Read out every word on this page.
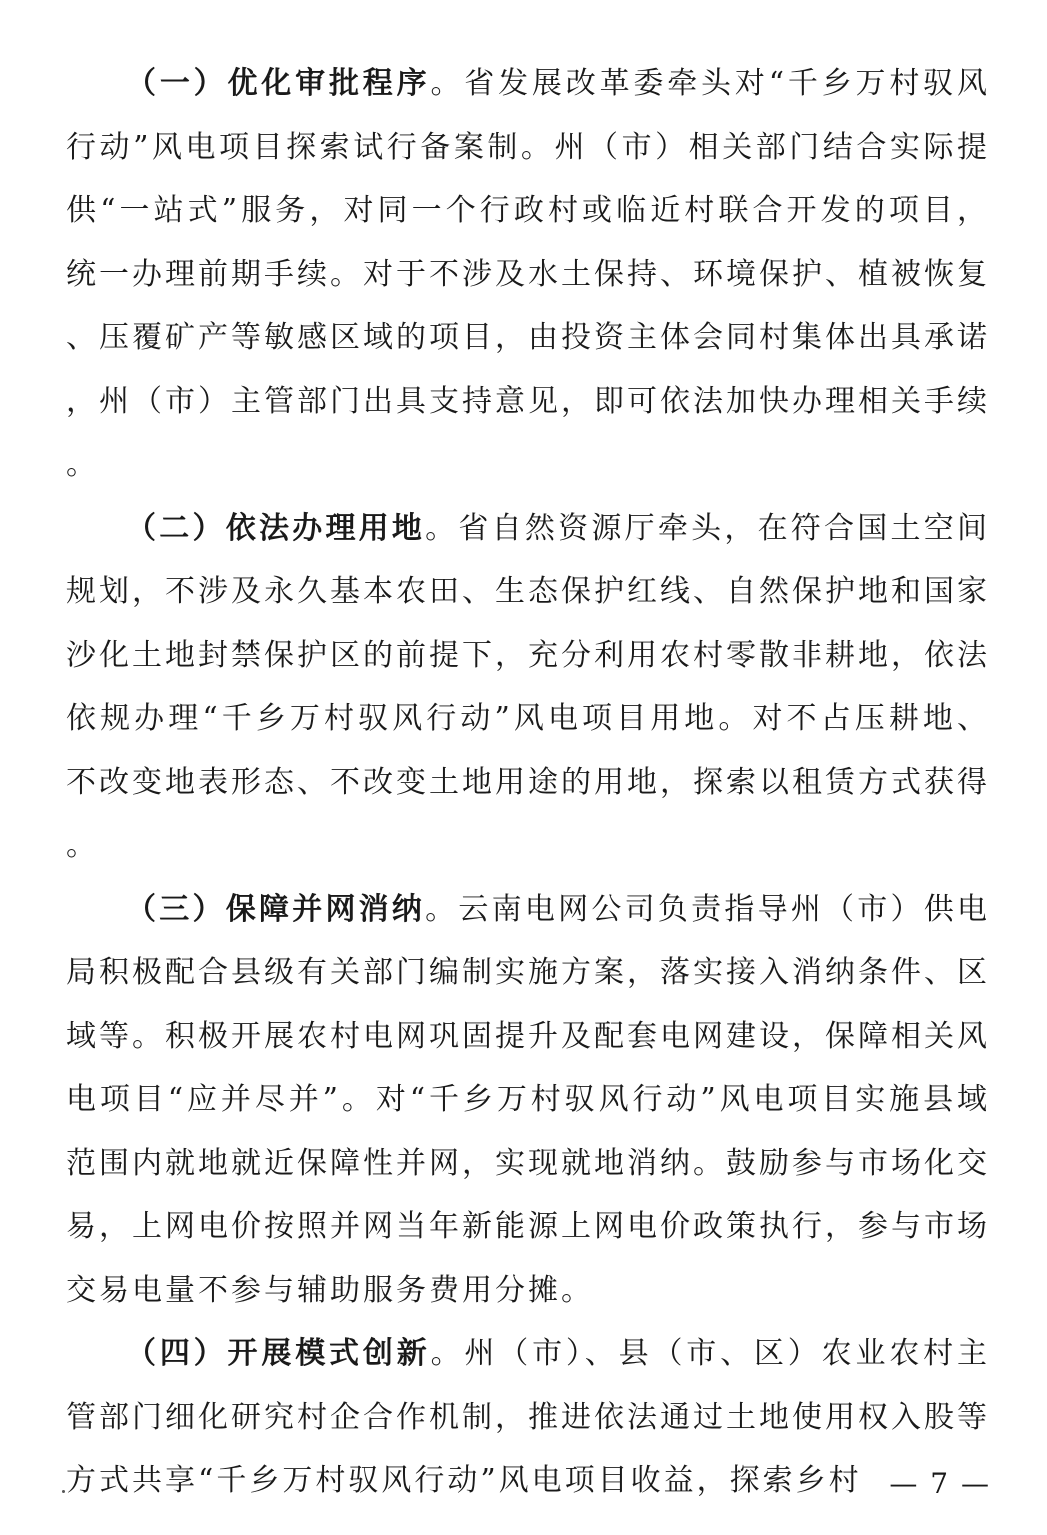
（一）优化审批程序。省发展改革委牵头对“千乡万村驭风行动”风电项目探索试行备案制。州（市）相关部门结合实际提供“一站式”服务，对同一个行政村或临近村联合开发的项目，统一办理前期手续。对于不涉及水土保持、环境保护、植被恢复、压覆矿产等敏感区域的项目，由投资主体会同村集体出具承诺，州（市）主管部门出具支持意见，即可依法加快办理相关手续。

（二）依法办理用地。省自然资源厅牵头，在符合国土空间规划，不涉及永久基本农田、生态保护红线、自然保护地和国家沙化土地封禁保护区的前提下，充分利用农村零散非耕地，依法依规办理“千乡万村驭风行动”风电项目用地。对不占压耕地、不改变地表形态、不改变土地用途的用地，探索以租赁方式获得。

（三）保障并网消纳。云南电网公司负责指导州（市）供电局积极配合县级有关部门编制实施方案，落实接入消纳条件、区域等。积极开展农村电网巩固提升及配套电网建设，保障相关风电项目“应并尽并”。对“千乡万村驭风行动”风电项目实施县域范围内就地就近保障性并网，实现就地消纳。鼓励参与市场化交易，上网电价按照并网当年新能源上网电价政策执行，参与市场交易电量不参与辅助服务费用分摊。

（四）开展模式创新。州（市）、县（市、区）农业农村主管部门细化研究村企合作机制，推进依法通过土地使用权入股等方式共享“千乡万村驭风行动”风电项目收益，探索乡村 — 7 —
